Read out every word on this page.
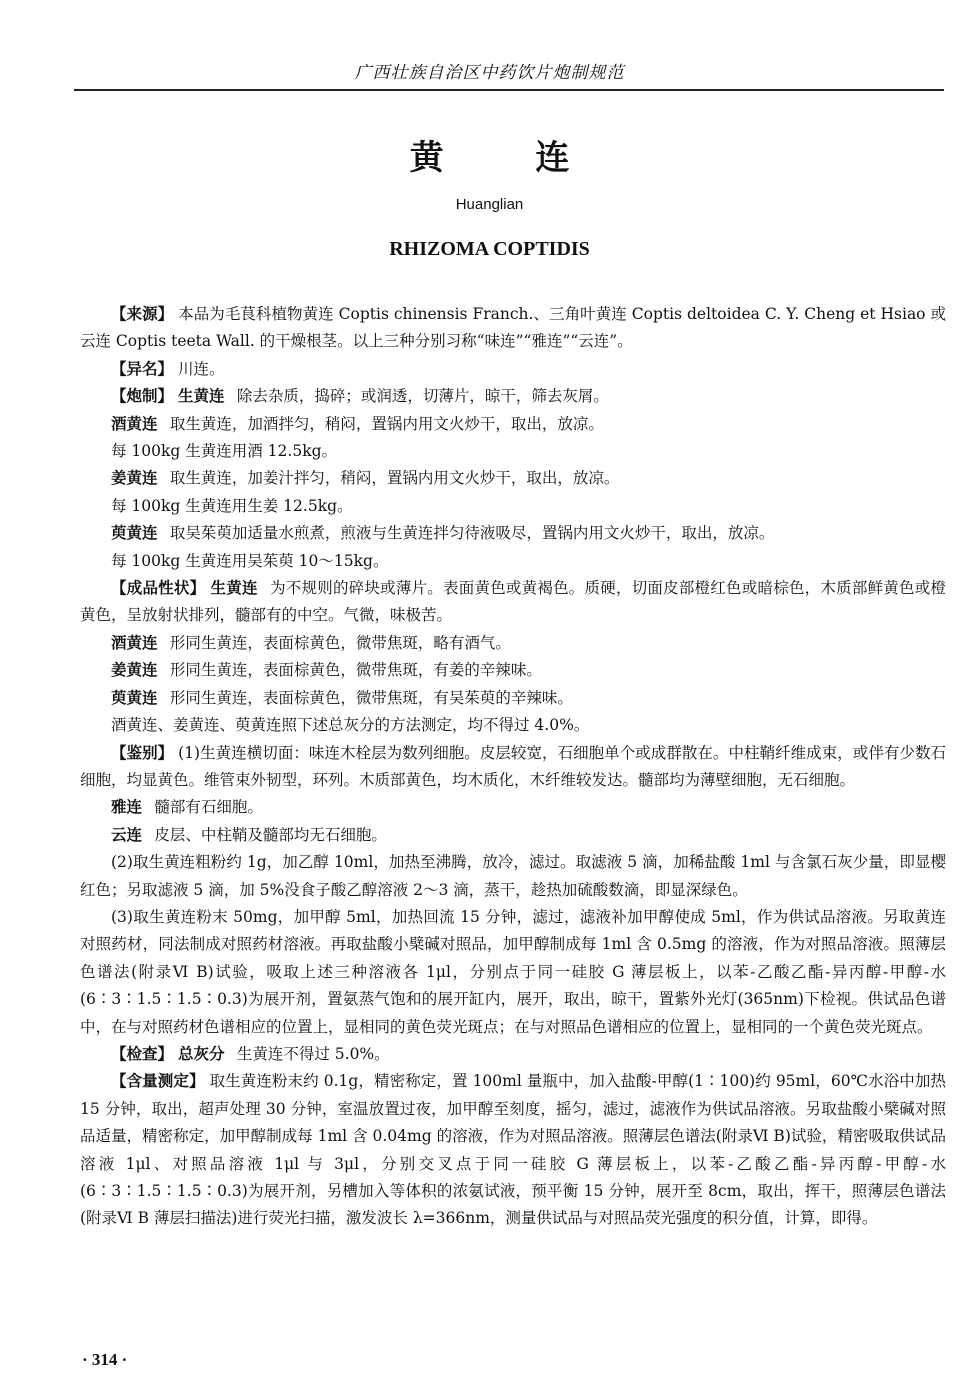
广西壮族自治区中药饮片炮制规范
黄 连
Huanglian
RHIZOMA COPTIDIS

【来源】 本品为毛茛科植物黄连 Coptis chinensis Franch.、三角叶黄连 Coptis deltoidea C. Y. Cheng et Hsiao 或云连 Coptis teeta Wall. 的干燥根茎。以上三种分别习称“味连”“雅连”“云连”。

【异名】 川连。

【炮制】 生黄连 除去杂质，捣碎；或润透，切薄片，晾干，筛去灰屑。

酒黄连 取生黄连，加酒拌匀，稍闷，置锅内用文火炒干，取出，放凉。

每 100kg 生黄连用酒 12.5kg。

姜黄连 取生黄连，加姜汁拌匀，稍闷，置锅内用文火炒干，取出，放凉。

每 100kg 生黄连用生姜 12.5kg。

萸黄连 取吴茱萸加适量水煎煮，煎液与生黄连拌匀待液吸尽，置锅内用文火炒干，取出，放凉。

每 100kg 生黄连用吴茱萸 10～15kg。

【成品性状】 生黄连 为不规则的碎块或薄片。表面黄色或黄褐色。质硬，切面皮部橙红色或暗棕色，木质部鲜黄色或橙黄色，呈放射状排列，髓部有的中空。气微，味极苦。

酒黄连 形同生黄连，表面棕黄色，微带焦斑，略有酒气。

姜黄连 形同生黄连，表面棕黄色，微带焦斑，有姜的辛辣味。

萸黄连 形同生黄连，表面棕黄色，微带焦斑，有吴茱萸的辛辣味。

酒黄连、姜黄连、萸黄连照下述总灰分的方法测定，均不得过 4.0%。

【鉴别】 (1)生黄连横切面：味连木栓层为数列细胞。皮层较宽，石细胞单个或成群散在。中柱鞘纤维成束，或伴有少数石细胞，均显黄色。维管束外韧型，环列。木质部黄色，均木质化，木纤维较发达。髓部均为薄壁细胞，无石细胞。

雅连 髓部有石细胞。

云连 皮层、中柱鞘及髓部均无石细胞。

(2)取生黄连粗粉约 1g，加乙醇 10ml，加热至沸腾，放冷，滤过。取滤液 5 滴，加稀盐酸 1ml 与含氯石灰少量，即显樱红色；另取滤液 5 滴，加 5%没食子酸乙醇溶液 2～3 滴，蒸干，趁热加硫酸数滴，即显深绿色。

(3)取生黄连粉末 50mg，加甲醇 5ml，加热回流 15 分钟，滤过，滤液补加甲醇使成 5ml，作为供试品溶液。另取黄连对照药材，同法制成对照药材溶液。再取盐酸小檗碱对照品，加甲醇制成每 1ml 含 0.5mg 的溶液，作为对照品溶液。照薄层色谱法(附录Ⅵ B)试验，吸取上述三种溶液各 1μl，分别点于同一硅胶 G 薄层板上，以苯-乙酸乙酯-异丙醇-甲醇-水(6∶3∶1.5∶1.5∶0.3)为展开剂，置氨蒸气饱和的展开缸内，展开，取出，晾干，置紫外光灯(365nm)下检视。供试品色谱中，在与对照药材色谱相应的位置上，显相同的黄色荧光斑点；在与对照品色谱相应的位置上，显相同的一个黄色荧光斑点。

【检查】 总灰分 生黄连不得过 5.0%。

【含量测定】 取生黄连粉末约 0.1g，精密称定，置 100ml 量瓶中，加入盐酸-甲醇(1∶100)约 95ml，60℃水浴中加热 15 分钟，取出，超声处理 30 分钟，室温放置过夜，加甲醇至刻度，摇匀，滤过，滤液作为供试品溶液。另取盐酸小檗碱对照品适量，精密称定，加甲醇制成每 1ml 含 0.04mg 的溶液，作为对照品溶液。照薄层色谱法(附录Ⅵ B)试验，精密吸取供试品溶液 1μl、对照品溶液 1μl 与 3μl，分别交叉点于同一硅胶 G 薄层板上，以苯-乙酸乙酯-异丙醇-甲醇-水(6∶3∶1.5∶1.5∶0.3)为展开剂，另槽加入等体积的浓氨试液，预平衡 15 分钟，展开至 8cm，取出，挥干，照薄层色谱法(附录Ⅵ B 薄层扫描法)进行荧光扫描，激发波长 λ=366nm，测量供试品与对照品荧光强度的积分值，计算，即得。

· 314 ·
